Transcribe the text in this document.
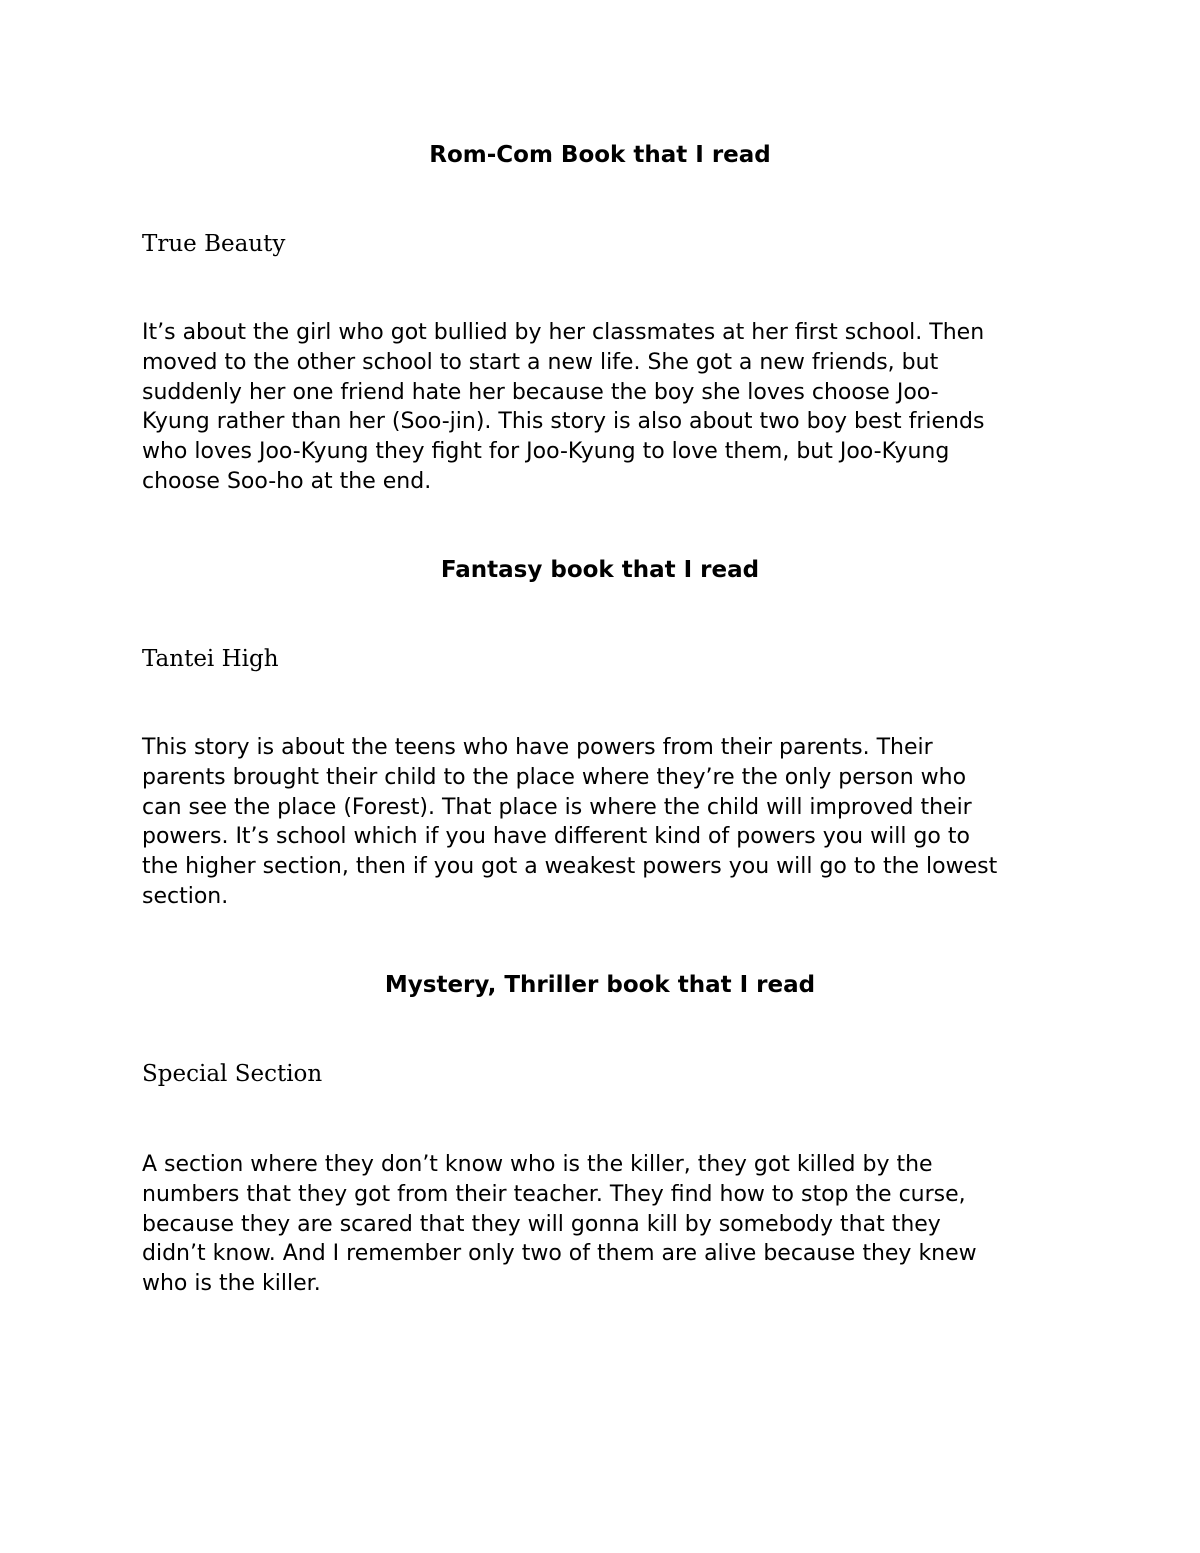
Rom-Com Book that I read

True Beauty

It’s about the girl who got bullied by her classmates at her first school. Then
moved to the other school to start a new life. She got a new friends, but
suddenly her one friend hate her because the boy she loves choose Joo-
Kyung rather than her (Soo-jin). This story is also about two boy best friends
who loves Joo-Kyung they fight for Joo-Kyung to love them, but Joo-Kyung
choose Soo-ho at the end.
Fantasy book that I read

Tantei High

This story is about the teens who have powers from their parents. Their
parents brought their child to the place where they’re the only person who
can see the place (Forest). That place is where the child will improved their
powers. It’s school which if you have different kind of powers you will go to
the higher section, then if you got a weakest powers you will go to the lowest
section.
Mystery, Thriller book that I read

Special Section

A section where they don’t know who is the killer, they got killed by the
numbers that they got from their teacher. They find how to stop the curse,
because they are scared that they will gonna kill by somebody that they
didn’t know. And I remember only two of them are alive because they knew
who is the killer.
